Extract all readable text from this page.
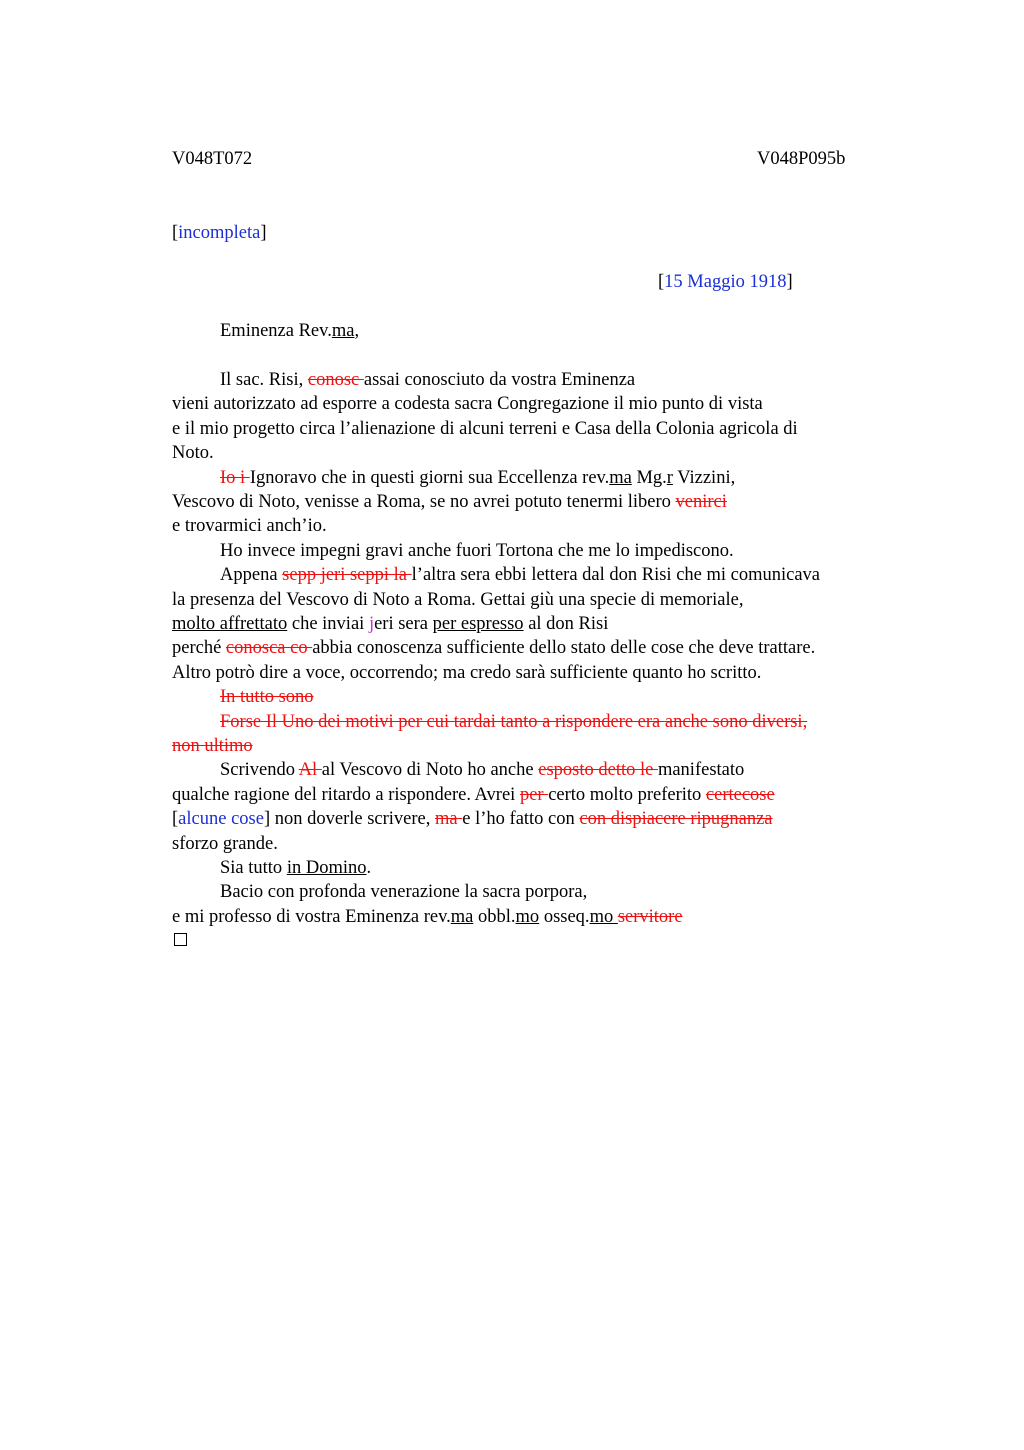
V048T072	V048P095b
[incompleta]
[15 Maggio 1918]
Eminenza Rev.ma,
Il sac. Risi, conosc assai conosciuto da vostra Eminenza
vieni autorizzato ad esporre a codesta sacra Congregazione il mio punto di vista
e il mio progetto circa l’alienazione di alcuni terreni e Casa della Colonia agricola di
Noto.
Io i Ignoravo che in questi giorni sua Eccellenza rev.ma Mg.r Vizzini,
Vescovo di Noto, venisse a Roma, se no avrei potuto tenermi libero venirci
e trovarmici anch’io.
Ho invece impegni gravi anche fuori Tortona che me lo impediscono.
Appena sepp jeri seppi la l’altra sera ebbi lettera dal don Risi che mi comunicava
la presenza del Vescovo di Noto a Roma. Gettai giù una specie di memoriale,
molto affrettato che inviai jeri sera per espresso al don Risi
perché conosca co abbia conoscenza sufficiente dello stato delle cose che deve trattare.
Altro potrò dire a voce, occorrendo; ma credo sarà sufficiente quanto ho scritto.
In tutto sono
Forse Il Uno dei motivi per cui tardai tanto a rispondere era anche sono diversi,
non ultimo
Scrivendo Al al Vescovo di Noto ho anche esposto detto le manifestato
qualche ragione del ritardo a rispondere. Avrei per certo molto preferito certecose
[alcune cose] non doverle scrivere, ma e l’ho fatto con con dispiacere ripugnanza
sforzo grande.
Sia tutto in Domino.
Bacio con profonda venerazione la sacra porpora,
e mi professo di vostra Eminenza rev.ma obbl.mo osseq.mo servitore
